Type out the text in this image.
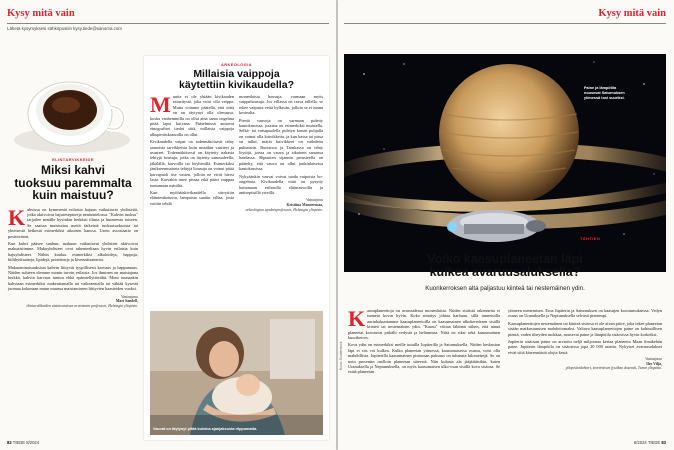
Kysy mitä vain
Lähetä kysymyksesi sähköpostiin kysy.tiede@sanoma.com
ELINTARVIKKEIDE
Miksi kahvi
tuoksuu paremmalta
kuin maistuu?
K ahvissa on kymmeniä erilaisia hajuun vaikuttavia yhdisteitä, jotka aktivoivat hajureseptoreja nenäontelossa. "Kahvin tuoksu" tarjoilee nenälle hyvinkin herkästi tilasta ja huoneesta toiseen. Se saattaa muistuttaa meitä tärkeistä tuoksutuokioista tai yhteisestä hetkestä esimerkiksi aikuisen kanssa. Usein assosiaatio on positiivinen.

Kun kahvi pääsee suuhun, makuun vaikuttavat yhdisteet aktivoivat makuaistimme. Makuyhdisteet ovat rakenteeltaan hyvin erilaisia kuin hajuyhdisteet. Niihin kuuluu esimerkiksi alkaloideja, happoja, hiilihydraatteja, lipidejä, proteiineja ja kivennäisaineita.

Makuominaisuuksista kahvin liittyvät tyypillisesti karvaus ja happamuus. Näiden suhteen olemme monin tavoin erilaisia. Jos ihminen on maistajana herkkä, kahvin karvaus tuntuu ehkä epämiellyttävältä. Moni tuunaakin kahviaan esimerkiksi makeuttamalla tai vaikeaentalla tai vähtää kysestä juomaa kokonaan muun muassa maistamiseen liittyvien haasteiden vuoksi.

Vastaajana
Mari Sandell,
elintarvikkeiden aistinvaraisen arvioinnin professori, Helsingin yliopisto.
ARKEOLOGIA
Millaisia vaippoja
käytettiin kivikaudella?
M uutta ei ole yhtään kivikauden esineitystä, joka voisi olla vaippa. Mutta voimme päätellä, että niitä on on täytynyt olla olemassa, koska vanhemmilla on ollut aina sama ongelma pitää lapsi kuivana. Päätelmissä auttavat etnografiset tiedot siitä, millaisia vaippoja alkuperäiskansoilla on ollut.

Kivikaudella vaipat on todennäköisesti tehty samoista tarvikkeista kuin muutkin vaatteet ja asusteet. Todennäköisesti on käytetty nahasta tehtyjä housuja, jotka on täytetty sammaleella, jäkälällä, karvoilla tai höyhenillä. Esimerkiksi jänikseenmaiseta tehtyjä housuja on voinut pitää karvapuoli itse vasten, jolloin ne eivät hiersi lasta. Karvakin imee pissaa eikä pääsi vaippaa tuntumaan märältä.

Kun myöhäiskivikaudella siirryttiin eläintenhoitoon, lampaista saatiin villaa, josta voitiin tehdä

monenlaisia housuja, varmaan myös vaippahousuja. Jos villassa on rasva tallella, se tekee vaipasta vettä hylkivän, jolloin se ei tunnu kostealta.

Pieniä vauvoja on varmaan pidetty kantokassissa, jotaisia on esimerkiksi muistella. Selkä- tai vatsapuolella pidetyn kassin pohjalla on voinut olla kuivikkeita, ja kun kassa tai pissa on tullut, märät kuivikkeet on vaihdettu puhtaisiin. Ruotsissa ja Tanskassa on tehty löytöjä, joissa on vauva ja aikuinen samassa haudassa. Ripustten sijannin perusteella on päätelty, että vauva on ollut jonkinlaisessa kantokassissa.

Nykyäänkin vauvat voivat saada vaipoista ho-ongelmia. Kivikaudella niitä on pysytty hoitamaan erilaisilla eläinrasvoilla ja antiseptisillä yrteillä.

Vastaajana
Kristiina Mannermaa,
arkeologian apulaisprofessori, Helsingin yliopisto.
Vauvat on täytynyt pitää kuivina ajanjaksosta riippumatta.
82 TIEDE 8/2024
Kysy mitä vain
Paine ja lämpötila
nousevat Saturnuksen
ytimessä tosi suuriksi.
Kuva: Shutterstock
TÄHTIEN
Voiko kaasuplaneetan läpi
kulkea avaruusaluksella?
Kuorikerroksen alta paljastuu kiinteä tai nestemäinen ydin.
K aasuplaneettoja on avaruudessa monenlaisia. Niiden sisäistä rakennetta ei tunneta kovin hyvin. Koko nimitys johtaa harhaan, sillä tunnetuilla aurinkokuntamme kaasuplaneetoilla on kaasumainen ulkokerroksen sisällä kiinteä tai nestemäinen ydin. "Kaasu" viittaa lähinnä siihen, että nämä planeetat koostuvat pitkälti vedystä ja heliumista. Niitä on siksi sekä kaasumainen kuorikerros.

Kova ydin on esimerkiksi meille tutuilla Jupiterilla ja Saturnuksella. Niiden keskustan läpi ei siis voi kulkea. Kulku planeetan ytimessä, kaasumaisessa osassa, voisi olla mahdollista. Jupiterilla kaasumainen pintaosan paksuus on tuhansia kilometrejä. Se on noin prosentin tuolloin planeetan säteestä. Niin kulusta ala jääjättäisikin, kuten Uranuksella ja Neptunuksella, on myös kaasumaisen ulko-osan sisällä kova sisäosa. Se estää planeetan

ytimeen menemisen. Eroa Jupiterin ja Saturnuksen on kaasujen koostumuksessa. Vedyn osuus on Uranuksella ja Neptunuksella selvästi pienempi.

Kaasuplaneettojen nestemäinen tai kiinteä sisäosa ei ole aivan piiire, joka tekee planeetan sisään matkustamisen mahdottomaksi. Valtava kaasuplaneettojen paine on kohtuullisen pientä, vaden tiheyden tuokkaa, nousevat paine ja lämpötila sisäosissa hyvin korkeiksi.

Jupiterin sisäosan paine on arvioitu neljä miljoonaa kertaa planeetta Maan ilmakehän paine. Jupiterin lämpötila on sisäosissa jopa 20 000 astetta. Nykyiset avaruusalukset eivät siitä kärrennäisiä olojia kestä.

Vastaajana
Ilro Vilja,
yliopistonlehtori, teoreettisen fysiikan dosentti, Turun yliopisto.
8/2024 TIEDE 83
